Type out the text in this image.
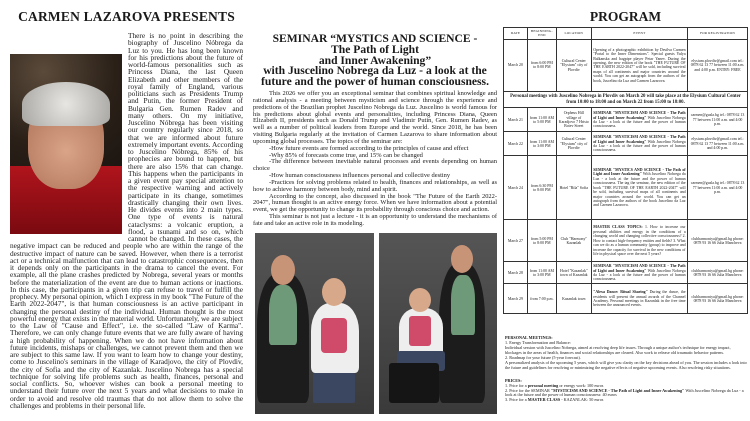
CARMEN LAZAROVA PRESENTS
There is no point in describing the biography of Juscelino Nóbrega da Luz to you. He has long been known for his predictions about the future of world-famous personalities such as Princess Diana, the last Queen Elizabeth and other members of the royal family of England, various politicians such as Presidents Trump and Putin, the former President of Bulgaria Gen. Rumen Radev and many others. On my initiative, Juscelino Nóbrega has been visiting our country regularly since 2018, so that we are informed about future extremely important events. According to Juscelino Nóbrega, 85% of his prophecies are bound to happen, but there are also 15% that can change. This happens when the participants in a given event pay special attention to the respective warning and actively participate in its change, sometimes drastically changing their own lives. He divides events into 2 main types. One type of events is natural cataclysms: a volcanic eruption, a flood, a tsunami and so on, which cannot be changed. In these cases, the negative impact can be reduced and people who are within the range of the destructive impact of nature can be saved. However, when there is a terrorist act or a technical malfunction that can lead to catastrophic consequences, then it depends only on the participants in the drama to cancel the event. For example, all the plane crashes predicted by Nobrega, several years or months before the materialization of the event are due to human actions or inactions. In this case, the participants in a given trip can refuse to travel or fulfill the prophecy. My personal opinion, which I express in my book "The Future of the Earth 2022-2047", is that human consciousness is an active participant in changing the personal destiny of the individual. Human thought is the most powerful energy that exists in the material world. Unfortunately, we are subject to the Law of "Cause and Effect", i.e. the so-called "Law of Karma". Therefore, we can only change future events that we are fully aware of having a high probability of happening. When we do not have information about future incidents, mishaps or challenges, we cannot prevent them and then we are subject to this same law. If you want to learn how to change your destiny, come to Juscelino's seminars in the village of Karadjovo, the city of Plovdiv, the city of Sofia and the city of Kazanlak. Juscelino Nobrega has a special technique for solving life problems such as health, finances, personal and social conflicts. So, whoever wishes can book a personal meeting to understand their future over the next 5 years and what decisions to make in order to avoid and resolve old traumas that do not allow them to solve the challenges and problems in their personal life.
SEMINAR “MYSTICS AND SCIENCE -
The Path of Light
and Inner Awakening”
with Juscelino Nobrega da Luz - a look at the
future and the power of human consciousness.

This 2026 we offer you an exceptional seminar that combines spiritual knowledge and rational analysis - a meeting between mysticism and science through the experience and predictions of the Brazilian prophet Juscelino Nobrega da Luz. Juscelino is world famous for his predictions about global events and personalities, including Princess Diana, Queen Elizabeth II, presidents such as Donald Trump and Vladimir Putin, Gen. Rumen Radev, as well as a number of political leaders from Europe and the world. Since 2018, he has been visiting Bulgaria regularly at the invitation of Carmen Lazarova to share information about upcoming global processes. The topics of the seminar are:

-How future events are formed according to the principles of cause and effect

-Why 85% of forecasts come true, and 15% can be changed

-The difference between inevitable natural processes and events depending on human choice

-How human consciousness influences personal and collective destiny

-Practices for solving problems related to health, finances and relationships, as well as how to achieve harmony between body, mind and spirit.

According to the concept, also discussed in the book "The Future of the Earth 2022-2047", human thought is an active energy force. When we have information about a potential event, we get the opportunity to change its probability through conscious choice and action.

This seminar is not just a lecture - it is an opportunity to understand the mechanisms of fate and take an active role in its modeling.

PROGRAM
DATE	BEGINNING-END	LOCATION	EVENT	FOR REGISTRATION
March 20	from 6:00 PM to 8:00 PM	Cultural Center "Elysium" city of Plovdiv	Opening of a photographic exhibition by Desilva Carmen "Portal to the Inner Dimensions". Special guests Yulya Balkanska and bagpipe player Petar Yanev. During the opening, the new edition of the book "THE FUTURE OF THE EARTH 2022-2047" will be sold, including survival maps of all continents and major countries around the world. You can get an autograph from the authors of the book, Juscelino da Luz and Carmen Lazarova.	elysium.plovdiv@gmail.com tel.: 0878 62 13 77 between 11:00 a.m. and 4:00 p.m. ENTRY: FREE
Personal meetings with Juscelino Nobrega in Plovdiv on March 20 will take place at the Elysium Cultural Center from 10:00 to 18:00 and on March 22 from 15:00 to 18:00.				
March 21	from 11:00 AM to 5:00 PM	Orpheus Hill village of Karadjovo 7 Hristo Botev Street	SEMINAR "MYSTICISM AND SCIENCE - The Path of Light and Inner Awakening" With Juscelino Nobrega da Luz - a look at the future and the power of human consciousness.	carmen@gusla.bg tel.: 0878 62 13 77 between 11:00 a.m. and 4:00 p.m.
March 22	from 11:00 AM to 3:00 PM	Cultural Center "Elysium" city of Plovdiv	SEMINAR "MYSTICISM AND SCIENCE - The Path of Light and Inner Awakening" With Juscelino Nobrega da Luz - a look at the future and the power of human consciousness.	elysium.plovdiv@gmail.com tel.: 0878 62 13 77 between 11:00 a.m. and 4:00 p.m.
March 24	from 6:30 PM to 8:00 PM	Hotel "Rila" Sofia	SEMINAR "MYSTICS AND SCIENCE - The Path of Light and Inner Awakening" With Juscelino Nobrega da Luz - a look at the future and the power of human consciousness. The tag the seminar, the new edition of the book "THE FUTURE OF THE EARTH 2022-2047" will be sold, including survival maps of all continents and major countries around the world. You can get an autograph from the authors of the book Juscelino da Luz and Carmen Lazarova.	carmen@gusla.bg tel.: 0878 62 13 77 between 11:00 a.m. and 4:00 p.m.
March 27	from 5:00 PM to 8:00 PM	Club "Harmony" Kazanlak	MASTER CLASS TOPICS: 1. How to increase our personal abilities and energy in the conditions of a changing world and changing collective consciousness? 2. How to contact high-frequency entities and fields? 3. What can we do as a human community (group) to improve and increase the capacity for survival in the new conditions of life in physical space over the next 5 years?	clubharmoniya@gmail.bg phone: 0878 93 16 66 Julia Mancheva
March 28	from 11:00 AM to 3:00 PM	Hotel "Kazanlak" town of Kazanlak	SEMINAR "MYSTICISM AND SCIENCE - The Path of Light and Inner Awakening" With Juscelino Nobrega da Luz - a look at the future and the power of human consciousness.	clubharmoniya@gmail.bg phone: 0878 93 16 66 Julia Mancheva
March 29	from 7:00 p.m.	Kazanlak town	"Alexa Dance: Ritual Sharing" During the dance, the residents will present the annual awards of the Channel Academy. Personal meetings in Kazanlak in the free time between the announced events.	clubharmoniya@gmail.bg phone: 0878 93 16 66 Julia Mancheva
PERSONAL MEETINGS:
1. Energy Transformation and Balance:
Individual session with Juscelino Nobrega, aimed at resolving deep life issues. Through a unique author's technique for energy impact, blockages in the areas of health, finances and social relationships are cleared. Also work to release old traumatic behavior patterns.
2. Roadmap for your future (5-year forecast).
A personalized analysis of the upcoming 5 years, which will give you clarity on the key decisions ahead of you. The session includes a look into the future and guidelines for resolving or minimizing the negative effects of negative upcoming events. Also resolving risky situations.
PRICES:
1. Price for a personal meeting or energy work: 100 euros
2. Price for the SEMINAR "MYSTICISM AND SCIENCE - The Path of Light and Inner Awakening" With Juscelino Nobrega da Luz - a look at the future and the power of human consciousness: 40 euros
3. Price for a MASTER CLASS - KAZANLAK: 50 euros
